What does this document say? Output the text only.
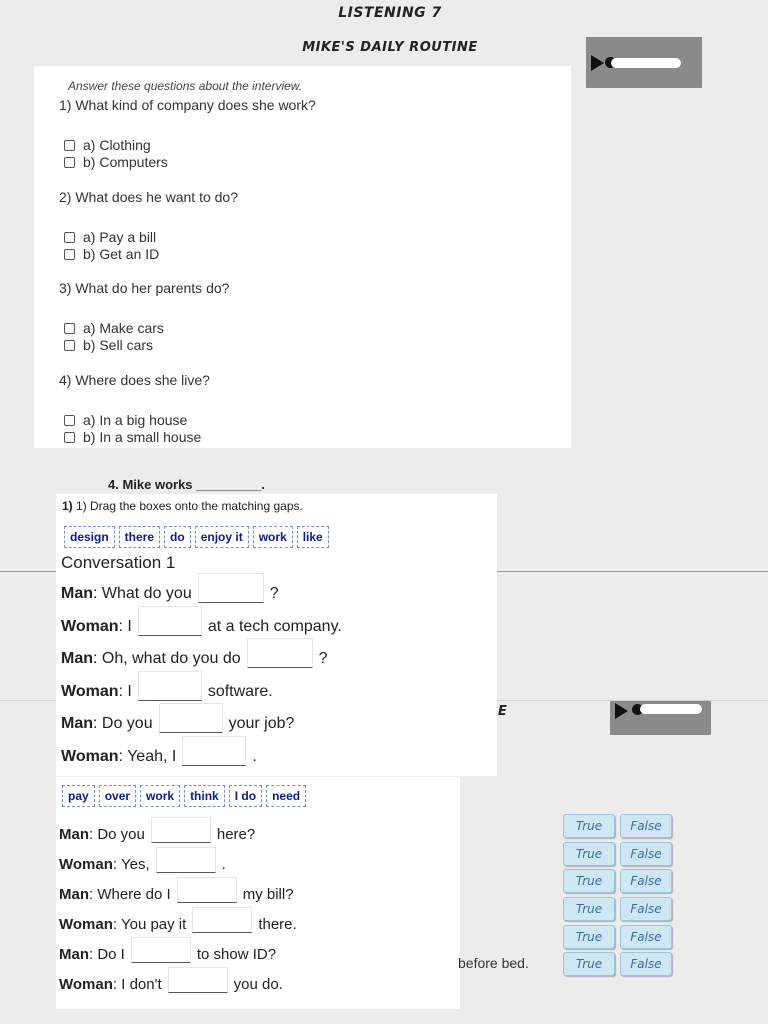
LISTENING 7
MIKE'S DAILY ROUTINE
4. Mike works _________.
Answer these questions about the interview.
1) What kind of company does she work?
a) Clothing
b) Computers
2) What does he want to do?
a) Pay a bill
b) Get an ID
3) What do her parents do?
a) Make cars
b) Sell cars
4) Where does she live?
a) In a big house
b) In a small house
E
1) 1) Drag the boxes onto the matching gaps.
design	there	do	enjoy it	work	like
Conversation 1
Man : What do you	?
Woman : I	at a tech company.
Man : Oh, what do you do	?
Woman : I	software.
Man : Do you	your job?
Woman : Yeah, I	.
pay	over	work	think	I do	need
Man : Do you	here?
Woman : Yes,	.
Man : Where do I	my bill?
Woman : You pay it	there.
Man : Do I	to show ID?
Woman : I don't	you do.
before bed.
True	False
True	False
True	False
True	False
True	False
True	False
